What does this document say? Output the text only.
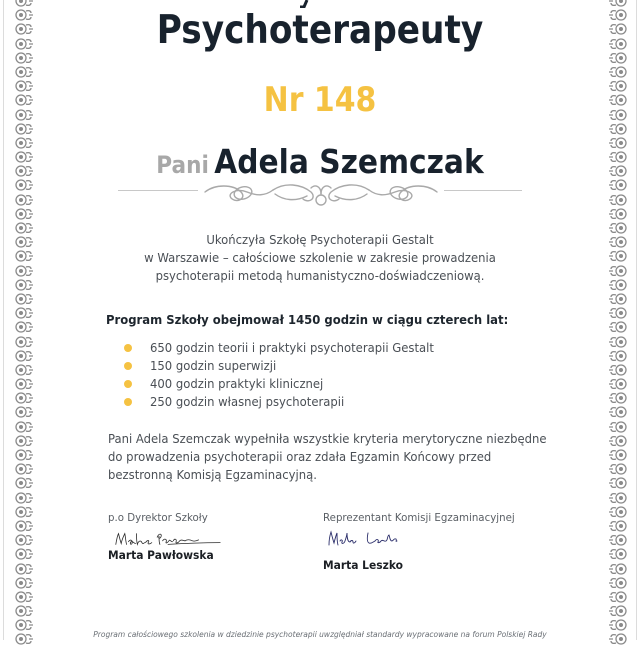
Psychoterapeuty
Nr 148
Pani Adela Szemczak
Ukończyła Szkołę Psychoterapii Gestalt
w Warszawie – całościowe szkolenie w zakresie prowadzenia
psychoterapii metodą humanistyczno-doświadczeniową.
Program Szkoły obejmował 1450 godzin w ciągu czterech lat:
650 godzin teorii i praktyki psychoterapii Gestalt
150 godzin superwizji
400 godzin praktyki klinicznej
250 godzin własnej psychoterapii
Pani Adela Szemczak wypełniła wszystkie kryteria merytoryczne niezbędne
do prowadzenia psychoterapii oraz zdała Egzamin Końcowy przed
bezstronną Komisją Egzaminacyjną.
p.o Dyrektor Szkoły
Marta Pawłowska
Reprezentant Komisji Egzaminacyjnej
Marta Leszko
Program całościowego szkolenia w dziedzinie psychoterapii uwzględniał standardy wypracowane na forum Polskiej Rady
